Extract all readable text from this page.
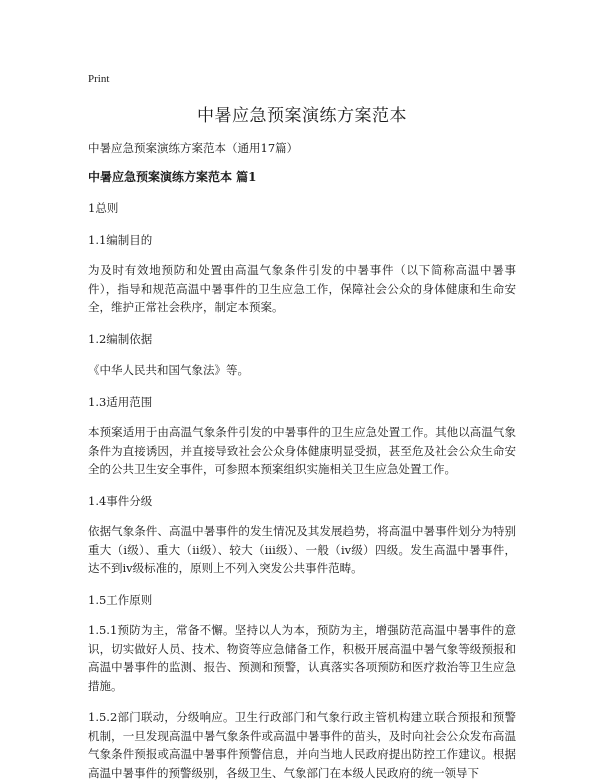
Print
中暑应急预案演练方案范本
中暑应急预案演练方案范本（通用17篇）
中暑应急预案演练方案范本 篇1
1总则
1.1编制目的
为及时有效地预防和处置由高温气象条件引发的中暑事件（以下简称高温中暑事件），指导和规范高温中暑事件的卫生应急工作，保障社会公众的身体健康和生命安全，维护正常社会秩序，制定本预案。
1.2编制依据
《中华人民共和国气象法》等。
1.3适用范围
本预案适用于由高温气象条件引发的中暑事件的卫生应急处置工作。其他以高温气象条件为直接诱因，并直接导致社会公众身体健康明显受损，甚至危及社会公众生命安全的公共卫生安全事件，可参照本预案组织实施相关卫生应急处置工作。
1.4事件分级
依据气象条件、高温中暑事件的发生情况及其发展趋势，将高温中暑事件划分为特别重大（i级）、重大（ii级）、较大（iii级）、一般（iv级）四级。发生高温中暑事件，达不到iv级标准的，原则上不列入突发公共事件范畴。
1.5工作原则
1.5.1预防为主，常备不懈。坚持以人为本，预防为主，增强防范高温中暑事件的意识，切实做好人员、技术、物资等应急储备工作，积极开展高温中暑气象等级预报和高温中暑事件的监测、报告、预测和预警，认真落实各项预防和医疗救治等卫生应急措施。
1.5.2部门联动，分级响应。卫生行政部门和气象行政主管机构建立联合预报和预警机制，一旦发现高温中暑气象条件或高温中暑事件的苗头，及时向社会公众发布高温气象条件预报或高温中暑事件预警信息，并向当地人民政府提出防控工作建议。根据高温中暑事件的预警级别，各级卫生、气象部门在本级人民政府的统一领导下
